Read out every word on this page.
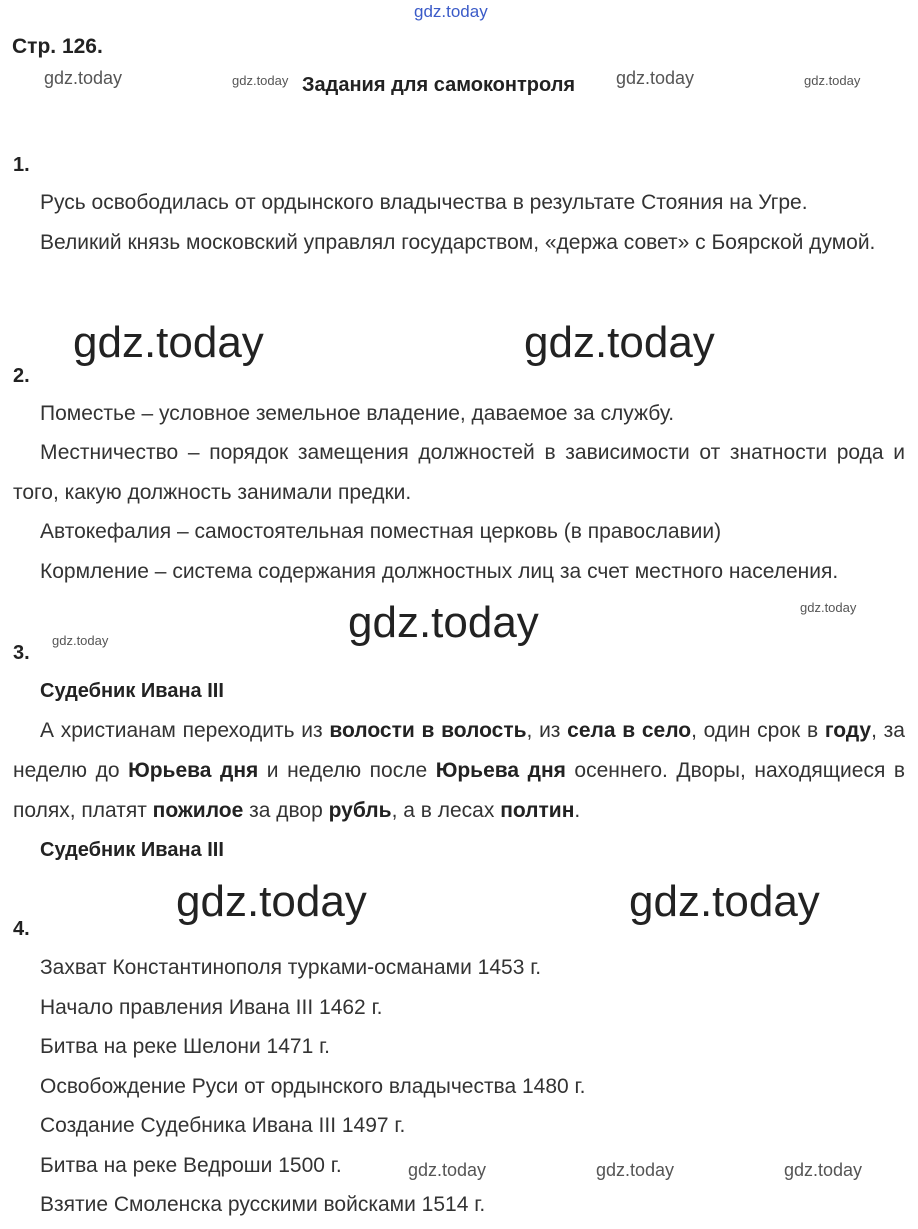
gdz.today
gdz.today	gdz.today	gdz.today	gdz.today
gdz.today	gdz.today
gdz.today
gdz.today	gdz.today
gdz.today	gdz.today
gdz.today	gdz.today	gdz.today
Стр. 126.
Задания для самоконтроля
1.
Русь освободилась от ордынского владычества в результате Стояния на Угре.
Великий князь московский управлял государством, «держа совет» с Боярской думой.
2.
Поместье – условное земельное владение, даваемое за службу.
Местничество – порядок замещения должностей в зависимости от знатности рода и того, какую должность занимали предки.
Автокефалия – самостоятельная поместная церковь (в православии)
Кормление – система содержания должностных лиц за счет местного населения.
3.
Судебник Ивана III
А христианам переходить из волости в волость, из села в село, один срок в году, за неделю до Юрьева дня и неделю после Юрьева дня осеннего. Дворы, находящиеся в полях, платят пожилое за двор рубль, а в лесах полтин.
Судебник Ивана III
4.
Захват Константинополя турками-османами 1453 г.
Начало правления Ивана III 1462 г.
Битва на реке Шелони 1471 г.
Освобождение Руси от ордынского владычества 1480 г.
Создание Судебника Ивана III 1497 г.
Битва на реке Ведроши 1500 г.
Взятие Смоленска русскими войсками 1514 г.
